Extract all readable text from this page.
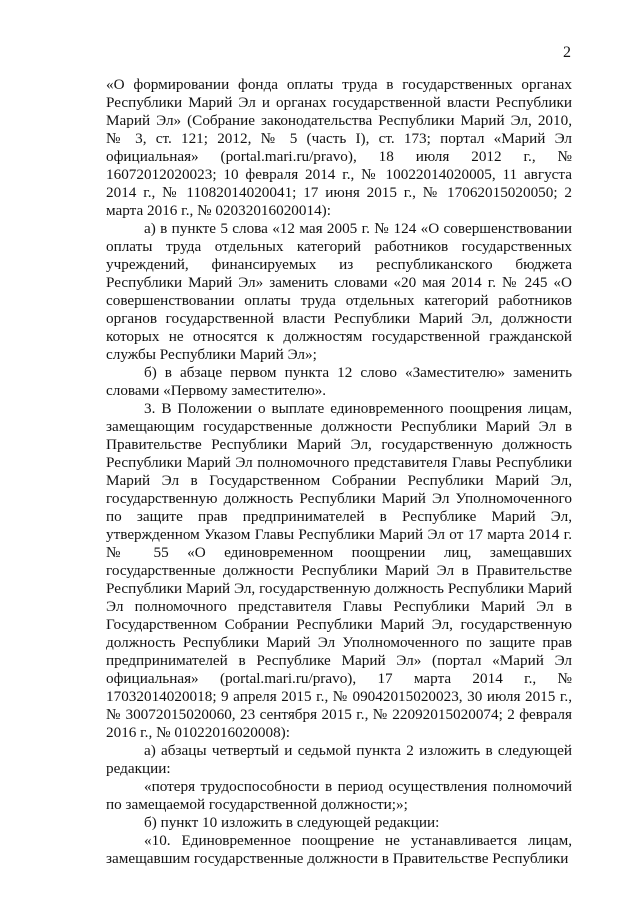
2

«О формировании фонда оплаты труда в государственных органах Республики Марий Эл и органах государственной власти Республики Марий Эл» (Собрание законодательства Республики Марий Эл, 2010, № 3, ст. 121; 2012, № 5 (часть I), ст. 173; портал «Марий Эл официальная» (portal.mari.ru/pravo), 18 июля 2012 г., № 16072012020023; 10 февраля 2014 г., № 10022014020005, 11 августа 2014 г., № 11082014020041; 17 июня 2015 г., № 17062015020050; 2 марта 2016 г., № 02032016020014):

а) в пункте 5 слова «12 мая 2005 г. № 124 «О совершенствовании оплаты труда отдельных категорий работников государственных учреждений, финансируемых из республиканского бюджета Республики Марий Эл» заменить словами «20 мая 2014 г. № 245 «О совершенствовании оплаты труда отдельных категорий работников органов государственной власти Республики Марий Эл, должности которых не относятся к должностям государственной гражданской службы Республики Марий Эл»;

б) в абзаце первом пункта 12 слово «Заместителю» заменить словами «Первому заместителю».

3. В Положении о выплате единовременного поощрения лицам, замещающим государственные должности Республики Марий Эл в Правительстве Республики Марий Эл, государственную должность Республики Марий Эл полномочного представителя Главы Республики Марий Эл в Государственном Собрании Республики Марий Эл, государственную должность Республики Марий Эл Уполномоченного по защите прав предпринимателей в Республике Марий Эл, утвержденном Указом Главы Республики Марий Эл от 17 марта 2014 г. № 55 «О единовременном поощрении лиц, замещавших государственные должности Республики Марий Эл в Правительстве Республики Марий Эл, государственную должность Республики Марий Эл полномочного представителя Главы Республики Марий Эл в Государственном Собрании Республики Марий Эл, государственную должность Республики Марий Эл Уполномоченного по защите прав предпринимателей в Республике Марий Эл» (портал «Марий Эл официальная» (portal.mari.ru/pravo), 17 марта 2014 г., № 17032014020018; 9 апреля 2015 г., № 09042015020023, 30 июля 2015 г., № 30072015020060, 23 сентября 2015 г., № 22092015020074; 2 февраля 2016 г., № 01022016020008):

а) абзацы четвертый и седьмой пункта 2 изложить в следующей редакции:

«потеря трудоспособности в период осуществления полномочий по замещаемой государственной должности;»;

б) пункт 10 изложить в следующей редакции:

«10. Единовременное поощрение не устанавливается лицам, замещавшим государственные должности в Правительстве Республики
